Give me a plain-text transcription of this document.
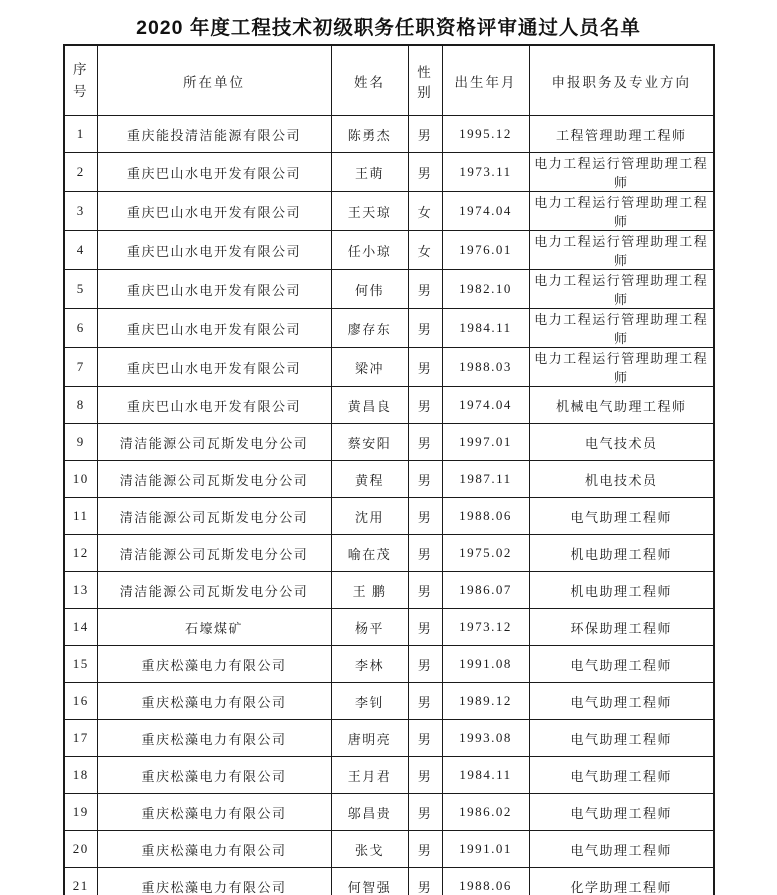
2020 年度工程技术初级职务任职资格评审通过人员名单
序号	所在单位	姓名	性别	出生年月	申报职务及专业方向
1	重庆能投清洁能源有限公司	陈勇杰	男	1995.12	工程管理助理工程师
2	重庆巴山水电开发有限公司	王萌	男	1973.11	电力工程运行管理助理工程师
3	重庆巴山水电开发有限公司	王天琼	女	1974.04	电力工程运行管理助理工程师
4	重庆巴山水电开发有限公司	任小琼	女	1976.01	电力工程运行管理助理工程师
5	重庆巴山水电开发有限公司	何伟	男	1982.10	电力工程运行管理助理工程师
6	重庆巴山水电开发有限公司	廖存东	男	1984.11	电力工程运行管理助理工程师
7	重庆巴山水电开发有限公司	梁冲	男	1988.03	电力工程运行管理助理工程师
8	重庆巴山水电开发有限公司	黄昌良	男	1974.04	机械电气助理工程师
9	清洁能源公司瓦斯发电分公司	蔡安阳	男	1997.01	电气技术员
10	清洁能源公司瓦斯发电分公司	黄程	男	1987.11	机电技术员
11	清洁能源公司瓦斯发电分公司	沈用	男	1988.06	电气助理工程师
12	清洁能源公司瓦斯发电分公司	喻在茂	男	1975.02	机电助理工程师
13	清洁能源公司瓦斯发电分公司	王 鹏	男	1986.07	机电助理工程师
14	石壕煤矿	杨平	男	1973.12	环保助理工程师
15	重庆松藻电力有限公司	李林	男	1991.08	电气助理工程师
16	重庆松藻电力有限公司	李钊	男	1989.12	电气助理工程师
17	重庆松藻电力有限公司	唐明亮	男	1993.08	电气助理工程师
18	重庆松藻电力有限公司	王月君	男	1984.11	电气助理工程师
19	重庆松藻电力有限公司	邬昌贵	男	1986.02	电气助理工程师
20	重庆松藻电力有限公司	张戈	男	1991.01	电气助理工程师
21	重庆松藻电力有限公司	何智强	男	1988.06	化学助理工程师
